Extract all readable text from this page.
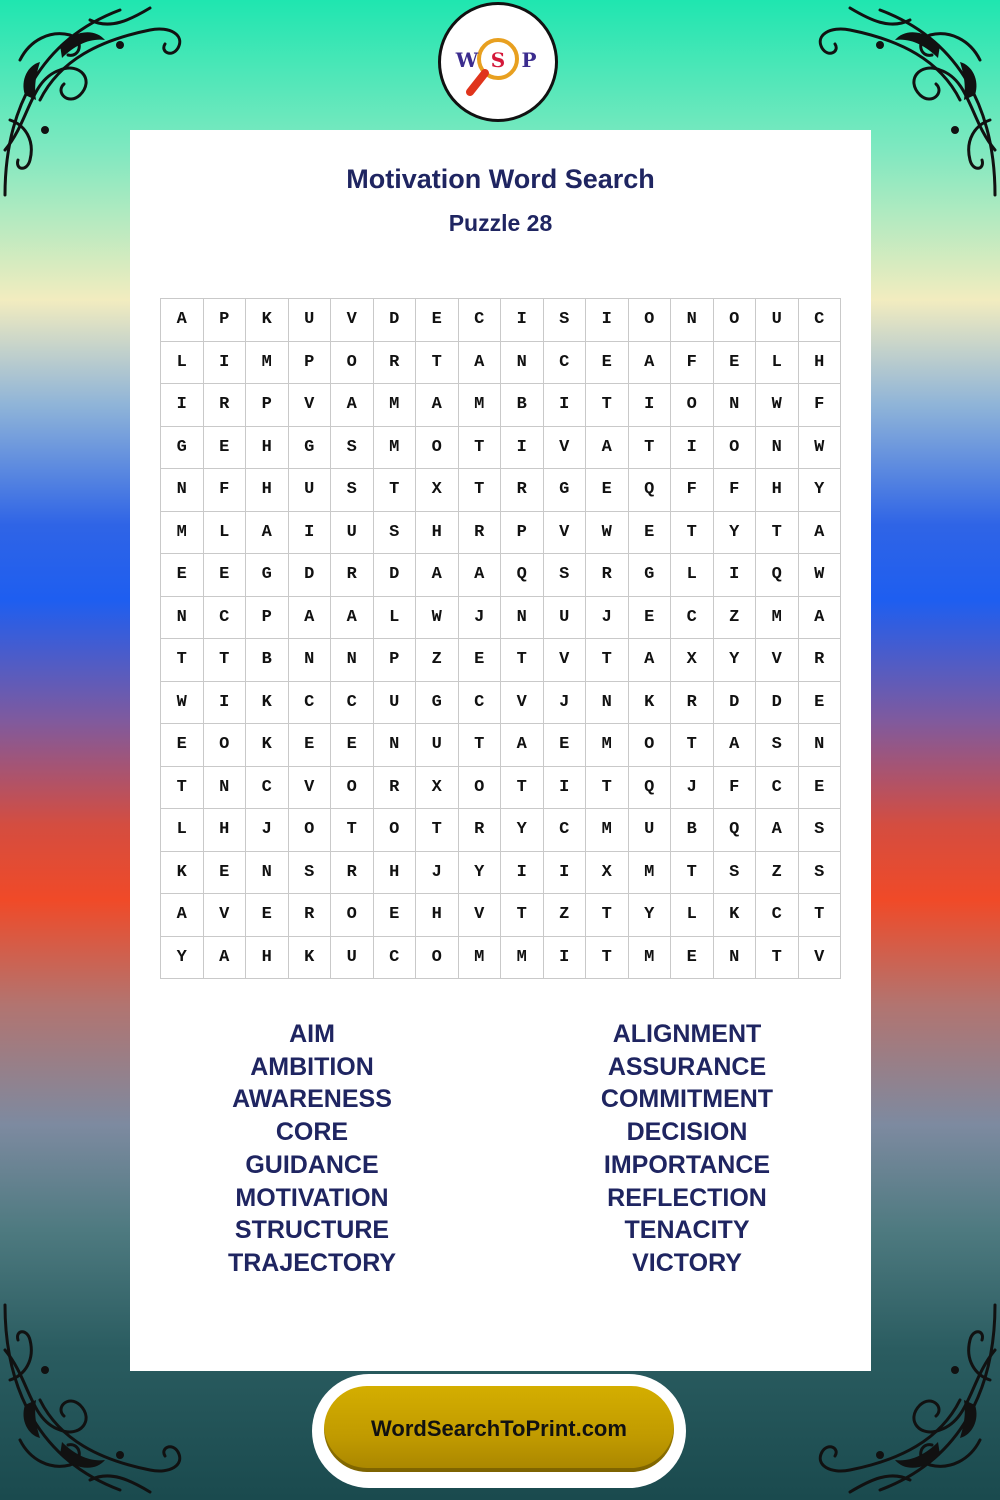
W S P
Motivation Word Search
Puzzle 28
A	P	K	U	V	D	E	C	I	S	I	O	N	O	U	C
L	I	M	P	O	R	T	A	N	C	E	A	F	E	L	H
I	R	P	V	A	M	A	M	B	I	T	I	O	N	W	F
G	E	H	G	S	M	O	T	I	V	A	T	I	O	N	W
N	F	H	U	S	T	X	T	R	G	E	Q	F	F	H	Y
M	L	A	I	U	S	H	R	P	V	W	E	T	Y	T	A
E	E	G	D	R	D	A	A	Q	S	R	G	L	I	Q	W
N	C	P	A	A	L	W	J	N	U	J	E	C	Z	M	A
T	T	B	N	N	P	Z	E	T	V	T	A	X	Y	V	R
W	I	K	C	C	U	G	C	V	J	N	K	R	D	D	E
E	O	K	E	E	N	U	T	A	E	M	O	T	A	S	N
T	N	C	V	O	R	X	O	T	I	T	Q	J	F	C	E
L	H	J	O	T	O	T	R	Y	C	M	U	B	Q	A	S
K	E	N	S	R	H	J	Y	I	I	X	M	T	S	Z	S
A	V	E	R	O	E	H	V	T	Z	T	Y	L	K	C	T
Y	A	H	K	U	C	O	M	M	I	T	M	E	N	T	V
AIM
AMBITION
AWARENESS
CORE
GUIDANCE
MOTIVATION
STRUCTURE
TRAJECTORY
ALIGNMENT
ASSURANCE
COMMITMENT
DECISION
IMPORTANCE
REFLECTION
TENACITY
VICTORY
WordSearchToPrint.com
